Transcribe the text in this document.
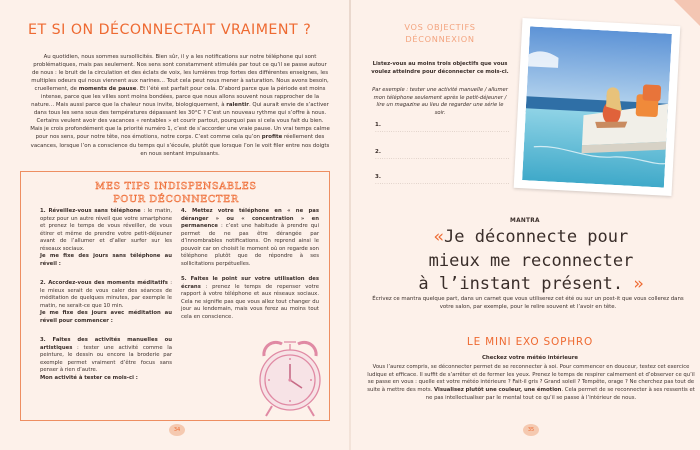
ET SI ON DÉCONNECTAIT VRAIMENT ?
Au quotidien, nous sommes sursollicités. Bien sûr, il y a les notifications sur notre téléphone qui sont problématiques, mais pas seulement. Nos sens sont constamment stimulés par tout ce qu’il se passe autour de nous : le bruit de la circulation et des éclats de voix, les lumières trop fortes des différentes enseignes, les multiples odeurs qui nous viennent aux narines… Tout cela peut nous mener à saturation. Nous avons besoin, cruellement, de moments de pause. Et l’été est parfait pour cela. D’abord parce que la période est moins intense, parce que les villes sont moins bondées, parce que nous allons souvent nous rapprocher de la nature… Mais aussi parce que la chaleur nous invite, biologiquement, à ralentir. Qui aurait envie de s’activer dans tous les sens sous des températures dépassant les 30°C ? C’est un nouveau rythme qui s’offre à nous. Certains veulent avoir des vacances « rentables » et courir partout, pourquoi pas si cela vous fait du bien. Mais je crois profondément que la priorité numéro 1, c’est de s’accorder une vraie pause. Un vrai temps calme pour nos sens, pour notre tête, nos émotions, notre corps. C’est comme cela qu’on profite réellement des vacances, lorsque l’on a conscience du temps qui s’écoule, plutôt que lorsque l’on le voit filer entre nos doigts en nous sentant impuissants.
MES TIPS INDISPENSABLES
POUR DÉCONNECTER

1. Réveillez-vous sans téléphone : le matin, optez pour un autre réveil que votre smartphone et prenez le temps de vous réveiller, de vous étirer et même de prendre votre petit-déjeuner avant de l’allumer et d’aller surfer sur les réseaux sociaux.
Je me fixe des jours sans téléphone au réveil :

2. Accordez-vous des moments méditatifs : le mieux serait de vous caler des séances de méditation de quelques minutes, par exemple le matin, ne serait-ce que 10 min.
Je me fixe des jours avec méditation au réveil pour commencer :

3. Faites des activités manuelles ou artistiques : tester une activité comme la peinture, le dessin ou encore la broderie par exemple permet vraiment d’être focus sans penser à rien d’autre.
Mon activité à tester ce mois-ci :

4. Mettez votre téléphone en « ne pas déranger » ou « concentration » en permanence : c’est une habitude à prendre qui permet de ne pas être dérangée par d’innombrables notifications. On reprend ainsi le pouvoir car on choisit le moment où on regarde son téléphone plutôt que de répondre à ses sollicitations perpétuelles.

5. Faites le point sur votre utilisation des écrans : prenez le temps de repenser votre rapport à votre téléphone et aux réseaux sociaux. Cela ne signifie pas que vous allez tout changer du jour au lendemain, mais vous ferez au moins tout cela en conscience.

34
VOS OBJECTIFS
DÉCONNEXION
Listez-vous au moins trois objectifs que vous voulez atteindre pour déconnecter ce mois-ci.
Par exemple : tester une activité manuelle / allumer mon téléphone seulement après le petit-déjeuner / lire un magazine au lieu de regarder une série le soir.
1. ............................................................
2. ............................................................
3. ............................................................
MANTRA
«Je déconnecte pour
mieux me reconnecter
à l’instant présent. »
Écrivez ce mantra quelque part, dans un carnet que vous utiliserez cet été ou sur un post-it que vous collerez dans votre salon, par exemple, pour le relire souvent et l’avoir en tête.
LE MINI EXO SOPHRO
Checkez votre météo intérieure
Vous l’aurez compris, se déconnecter permet de se reconnecter à soi. Pour commencer en douceur, testez cet exercice ludique et efficace. Il suffit de s’arrêter et de fermer les yeux. Prenez le temps de respirer calmement et d’observer ce qu’il se passe en vous : quelle est votre météo intérieure ? Fait-il gris ? Grand soleil ? Tempête, orage ? Ne cherchez pas tout de suite à mettre des mots. Visualisez plutôt une couleur, une émotion. Cela permet de se reconnecter à ses ressentis et ne pas intellectualiser par le mental tout ce qu’il se passe à l’intérieur de nous.
35
